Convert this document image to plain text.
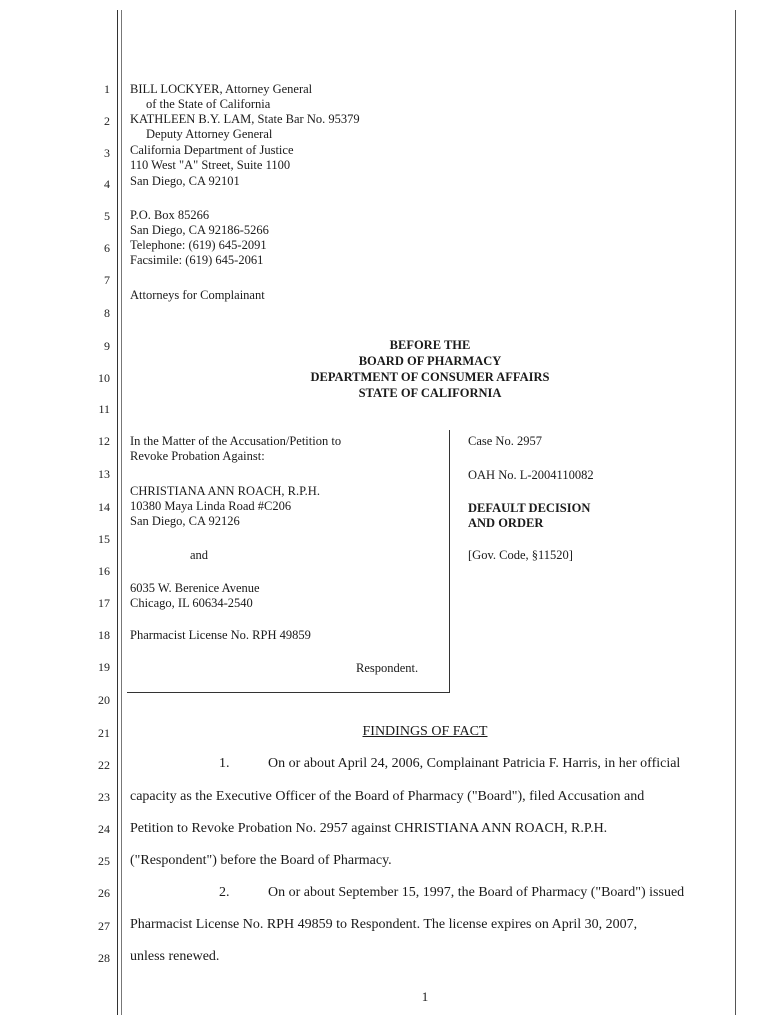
1
2
3
4
5
6
7
8
9
10
11
12
13
14
15
16
17
18
19
20
21
22
23
24
25
26
27
28
BILL LOCKYER, Attorney General
of the State of California
KATHLEEN B.Y. LAM, State Bar No. 95379
Deputy Attorney General
California Department of Justice
110 West "A" Street, Suite 1100
San Diego, CA 92101
P.O. Box 85266
San Diego, CA 92186-5266
Telephone: (619) 645-2091
Facsimile: (619) 645-2061
Attorneys for Complainant
BEFORE THE
BOARD OF PHARMACY
DEPARTMENT OF CONSUMER AFFAIRS
STATE OF CALIFORNIA
In the Matter of the Accusation/Petition to
Revoke Probation Against:
CHRISTIANA ANN ROACH, R.P.H.
10380 Maya Linda Road #C206
San Diego, CA 92126
and
6035 W. Berenice Avenue
Chicago, IL 60634-2540
Pharmacist License No. RPH 49859
Respondent.
Case No. 2957
OAH No. L-2004110082
DEFAULT DECISION
AND ORDER
[Gov. Code, §11520]
FINDINGS OF FACT
1.	On or about April 24, 2006, Complainant Patricia F. Harris, in her official
capacity as the Executive Officer of the Board of Pharmacy ("Board"), filed Accusation and
Petition to Revoke Probation No. 2957 against CHRISTIANA ANN ROACH, R.P.H.
("Respondent") before the Board of Pharmacy.
2.	On or about September 15, 1997, the Board of Pharmacy ("Board") issued
Pharmacist License No. RPH 49859 to Respondent. The license expires on April 30, 2007,
unless renewed.
1
